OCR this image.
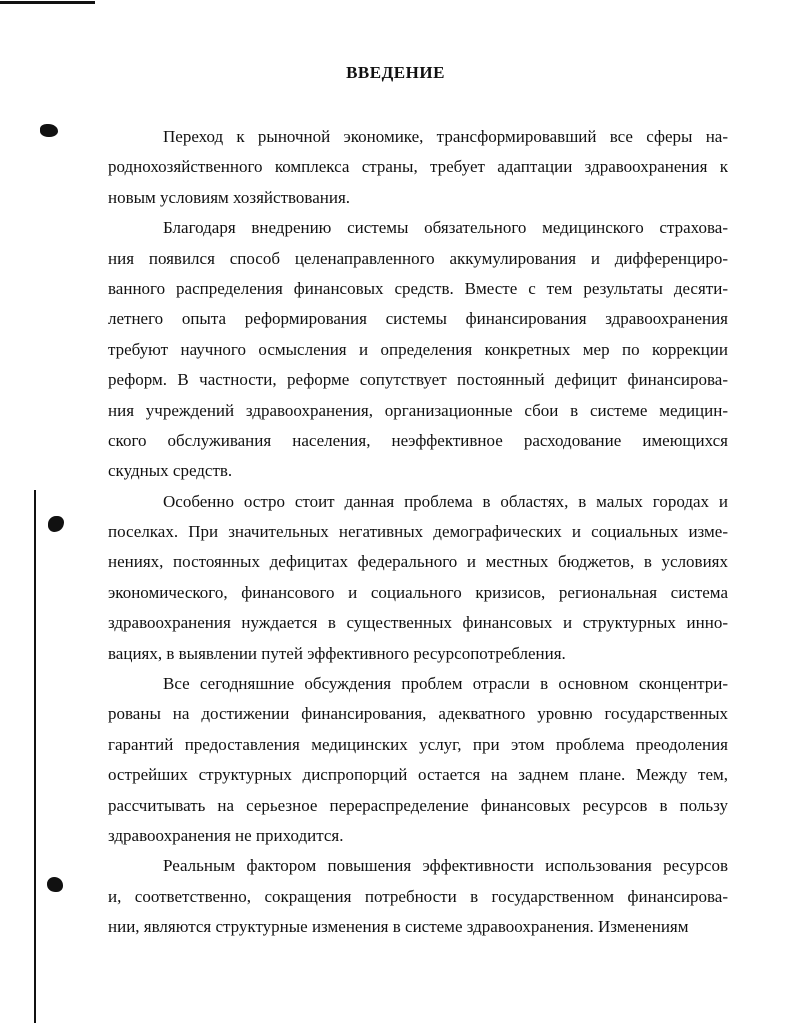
ВВЕДЕНИЕ
Переход к рыночной экономике, трансформировавший все сферы на-
роднохозяйственного комплекса страны, требует адаптации здравоохранения к
новым условиям хозяйствования.
Благодаря внедрению системы обязательного медицинского страхова-
ния появился способ целенаправленного аккумулирования и дифференциро-
ванного распределения финансовых средств. Вместе с тем результаты десяти-
летнего опыта реформирования системы финансирования здравоохранения
требуют научного осмысления и определения конкретных мер по коррекции
реформ. В частности, реформе сопутствует постоянный дефицит финансирова-
ния учреждений здравоохранения, организационные сбои в системе медицин-
ского обслуживания населения, неэффективное расходование имеющихся
скудных средств.
Особенно остро стоит данная проблема в областях, в малых городах и
поселках. При значительных негативных демографических и социальных изме-
нениях, постоянных дефицитах федерального и местных бюджетов, в условиях
экономического, финансового и социального кризисов, региональная система
здравоохранения нуждается в существенных финансовых и структурных инно-
вациях, в выявлении путей эффективного ресурсопотребления.
Все сегодняшние обсуждения проблем отрасли в основном сконцентри-
рованы на достижении финансирования, адекватного уровню государственных
гарантий предоставления медицинских услуг, при этом проблема преодоления
острейших структурных диспропорций остается на заднем плане. Между тем,
рассчитывать на серьезное перераспределение финансовых ресурсов в пользу
здравоохранения не приходится.
Реальным фактором повышения эффективности использования ресурсов
и, соответственно, сокращения потребности в государственном финансирова-
нии, являются структурные изменения в системе здравоохранения. Изменениям
